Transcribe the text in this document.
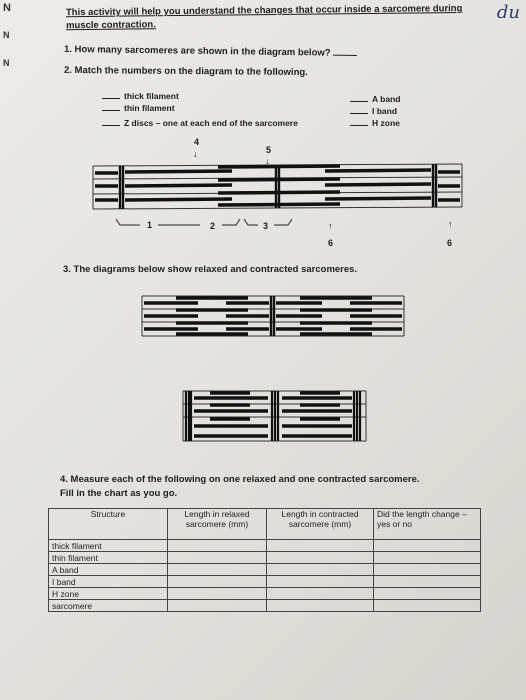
N
N
N
du
This activity will help you understand the changes that occur inside a sarcomere during muscle contraction.
1. How many sarcomeres are shown in the diagram below?
2. Match the numbers on the diagram to the following.
thick filament
thin filament
Z discs – one at each end of the sarcomere
A band
I band
H zone
4
↓	5
↓
1	2	3	↑
6
↑
6
3. The diagrams below show relaxed and contracted sarcomeres.
4. Measure each of the following on one relaxed and one contracted sarcomere.
Fill in the chart as you go.
Structure	Length in relaxed sarcomere (mm)	Length in contracted sarcomere (mm)	Did the length change – yes or no
thick filament			
thin filament			
A band			
I band			
H zone			
sarcomere			
